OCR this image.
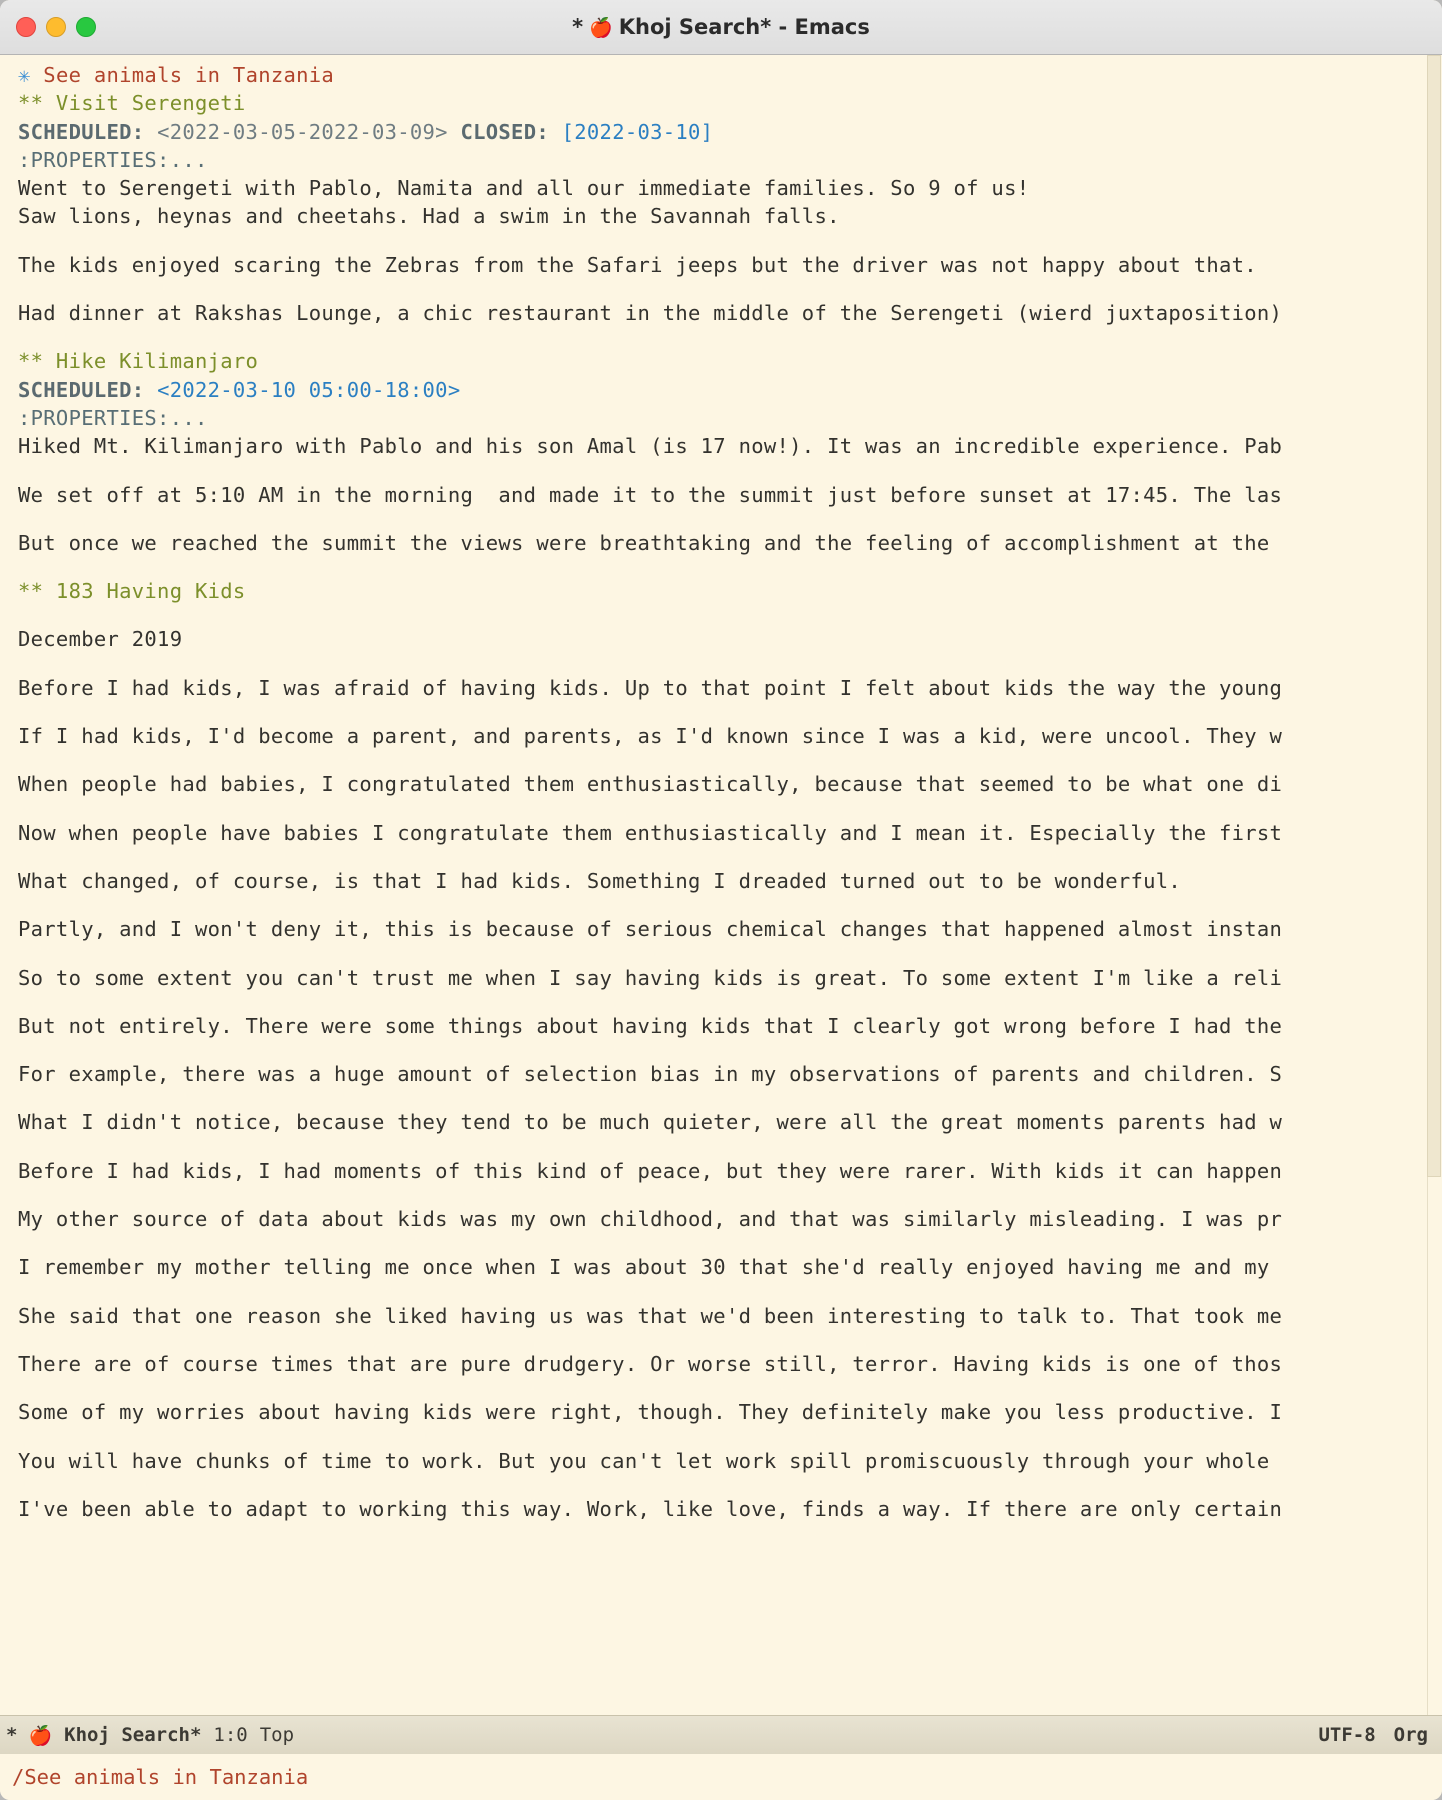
* 🍎 Khoj Search* - Emacs
✳ See animals in Tanzania
** Visit Serengeti
SCHEDULED: <2022-03-05-2022-03-09> CLOSED: [2022-03-10]
:PROPERTIES:...
Went to Serengeti with Pablo, Namita and all our immediate families. So 9 of us!
Saw lions, heynas and cheetahs. Had a swim in the Savannah falls.

The kids enjoyed scaring the Zebras from the Safari jeeps but the driver was not happy about that.

Had dinner at Rakshas Lounge, a chic restaurant in the middle of the Serengeti (wierd juxtaposition)

** Hike Kilimanjaro
SCHEDULED: <2022-03-10 05:00-18:00>
:PROPERTIES:...
Hiked Mt. Kilimanjaro with Pablo and his son Amal (is 17 now!). It was an incredible experience. Pab

We set off at 5:10 AM in the morning  and made it to the summit just before sunset at 17:45. The las

But once we reached the summit the views were breathtaking and the feeling of accomplishment at the

** 183 Having Kids

December 2019

Before I had kids, I was afraid of having kids. Up to that point I felt about kids the way the young

If I had kids, I'd become a parent, and parents, as I'd known since I was a kid, were uncool. They w

When people had babies, I congratulated them enthusiastically, because that seemed to be what one di

Now when people have babies I congratulate them enthusiastically and I mean it. Especially the first

What changed, of course, is that I had kids. Something I dreaded turned out to be wonderful.

Partly, and I won't deny it, this is because of serious chemical changes that happened almost instan

So to some extent you can't trust me when I say having kids is great. To some extent I'm like a reli

But not entirely. There were some things about having kids that I clearly got wrong before I had the

For example, there was a huge amount of selection bias in my observations of parents and children. S

What I didn't notice, because they tend to be much quieter, were all the great moments parents had w

Before I had kids, I had moments of this kind of peace, but they were rarer. With kids it can happen

My other source of data about kids was my own childhood, and that was similarly misleading. I was pr

I remember my mother telling me once when I was about 30 that she'd really enjoyed having me and my

She said that one reason she liked having us was that we'd been interesting to talk to. That took me

There are of course times that are pure drudgery. Or worse still, terror. Having kids is one of thos

Some of my worries about having kids were right, though. They definitely make you less productive. I

You will have chunks of time to work. But you can't let work spill promiscuously through your whole

I've been able to adapt to working this way. Work, like love, finds a way. If there are only certain
* 🍎 Khoj Search* 1:0 Top	UTF-8 Org
/See animals in Tanzania
